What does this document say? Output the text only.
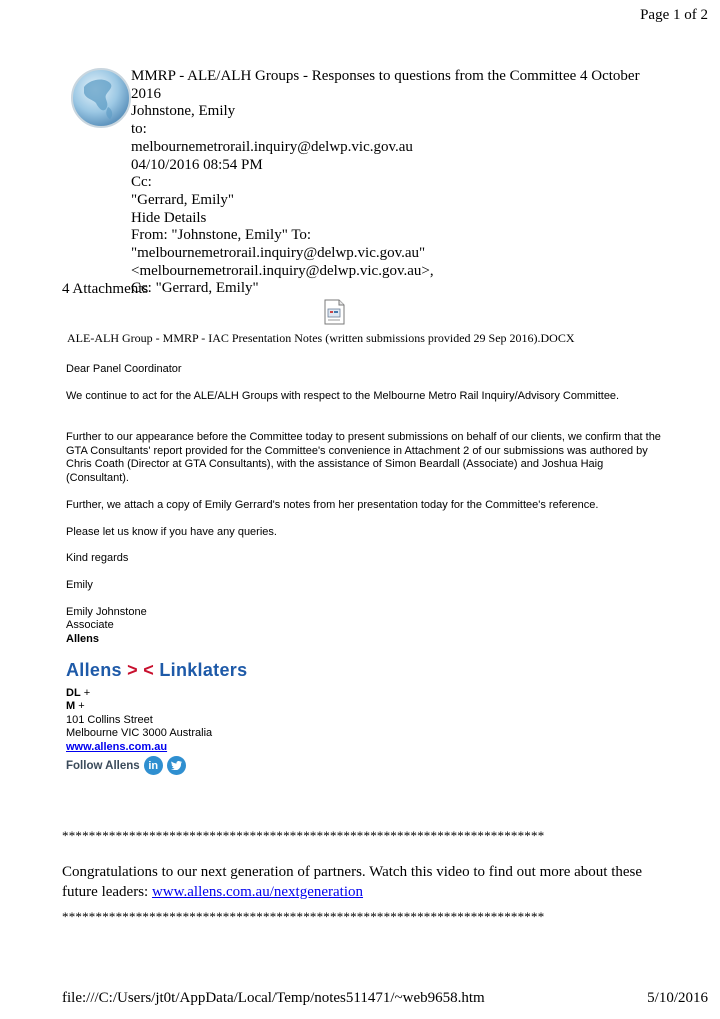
Page 1 of 2
MMRP - ALE/ALH Groups - Responses to questions from the Committee 4 October
2016
Johnstone, Emily
to:
melbournemetrorail.inquiry@delwp.vic.gov.au
04/10/2016 08:54 PM
Cc:
"Gerrard, Emily"
Hide Details
From: "Johnstone, Emily" To:
"melbournemetrorail.inquiry@delwp.vic.gov.au"
<melbournemetrorail.inquiry@delwp.vic.gov.au>,
Cc: "Gerrard, Emily"
4 Attachments
ALE-ALH Group - MMRP - IAC Presentation Notes (written submissions provided 29 Sep 2016).DOCX
Dear Panel Coordinator
We continue to act for the ALE/ALH Groups with respect to the Melbourne Metro Rail Inquiry/Advisory Committee.
Further to our appearance before the Committee today to present submissions on behalf of our clients, we confirm that the GTA Consultants' report provided for the Committee's convenience in Attachment 2 of our submissions was authored by Chris Coath (Director at GTA Consultants), with the assistance of Simon Beardall (Associate) and Joshua Haig (Consultant).
Further, we attach a copy of Emily Gerrard's notes from her presentation today for the Committee's reference.
Please let us know if you have any queries.
Kind regards
Emily
Emily Johnstone
Associate
Allens
Allens > < Linklaters
DL +
M +
101 Collins Street
Melbourne VIC 3000 Australia
www.allens.com.au
Follow Allens in
************************************************************************
Congratulations to our next generation of partners. Watch this video to find out more about these future leaders: www.allens.com.au/nextgeneration
************************************************************************
file:///C:/Users/jt0t/AppData/Local/Temp/notes511471/~web9658.htm	5/10/2016
